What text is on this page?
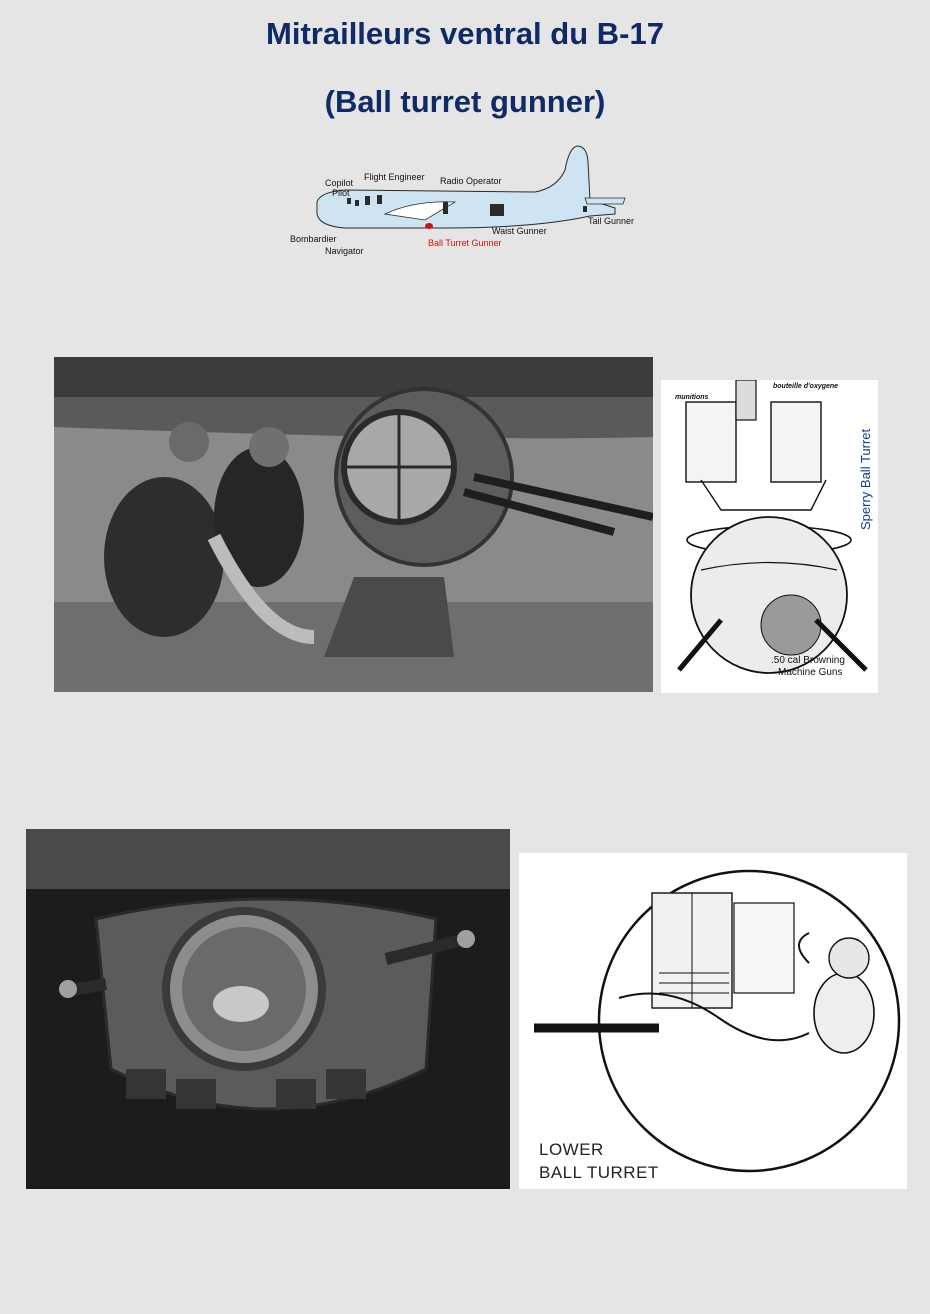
Mitrailleurs ventral du B-17
(Ball turret gunner)
Copilot
Pilot
Flight Engineer Radio Operator
Bombardier
Navigator
Ball Turret Gunner
Waist Gunner
Tail Gunner
munitions
bouteille d'oxygene
Sperry Ball Turret
.50 cal Browning
Machine Guns
LOWER
BALL TURRET
